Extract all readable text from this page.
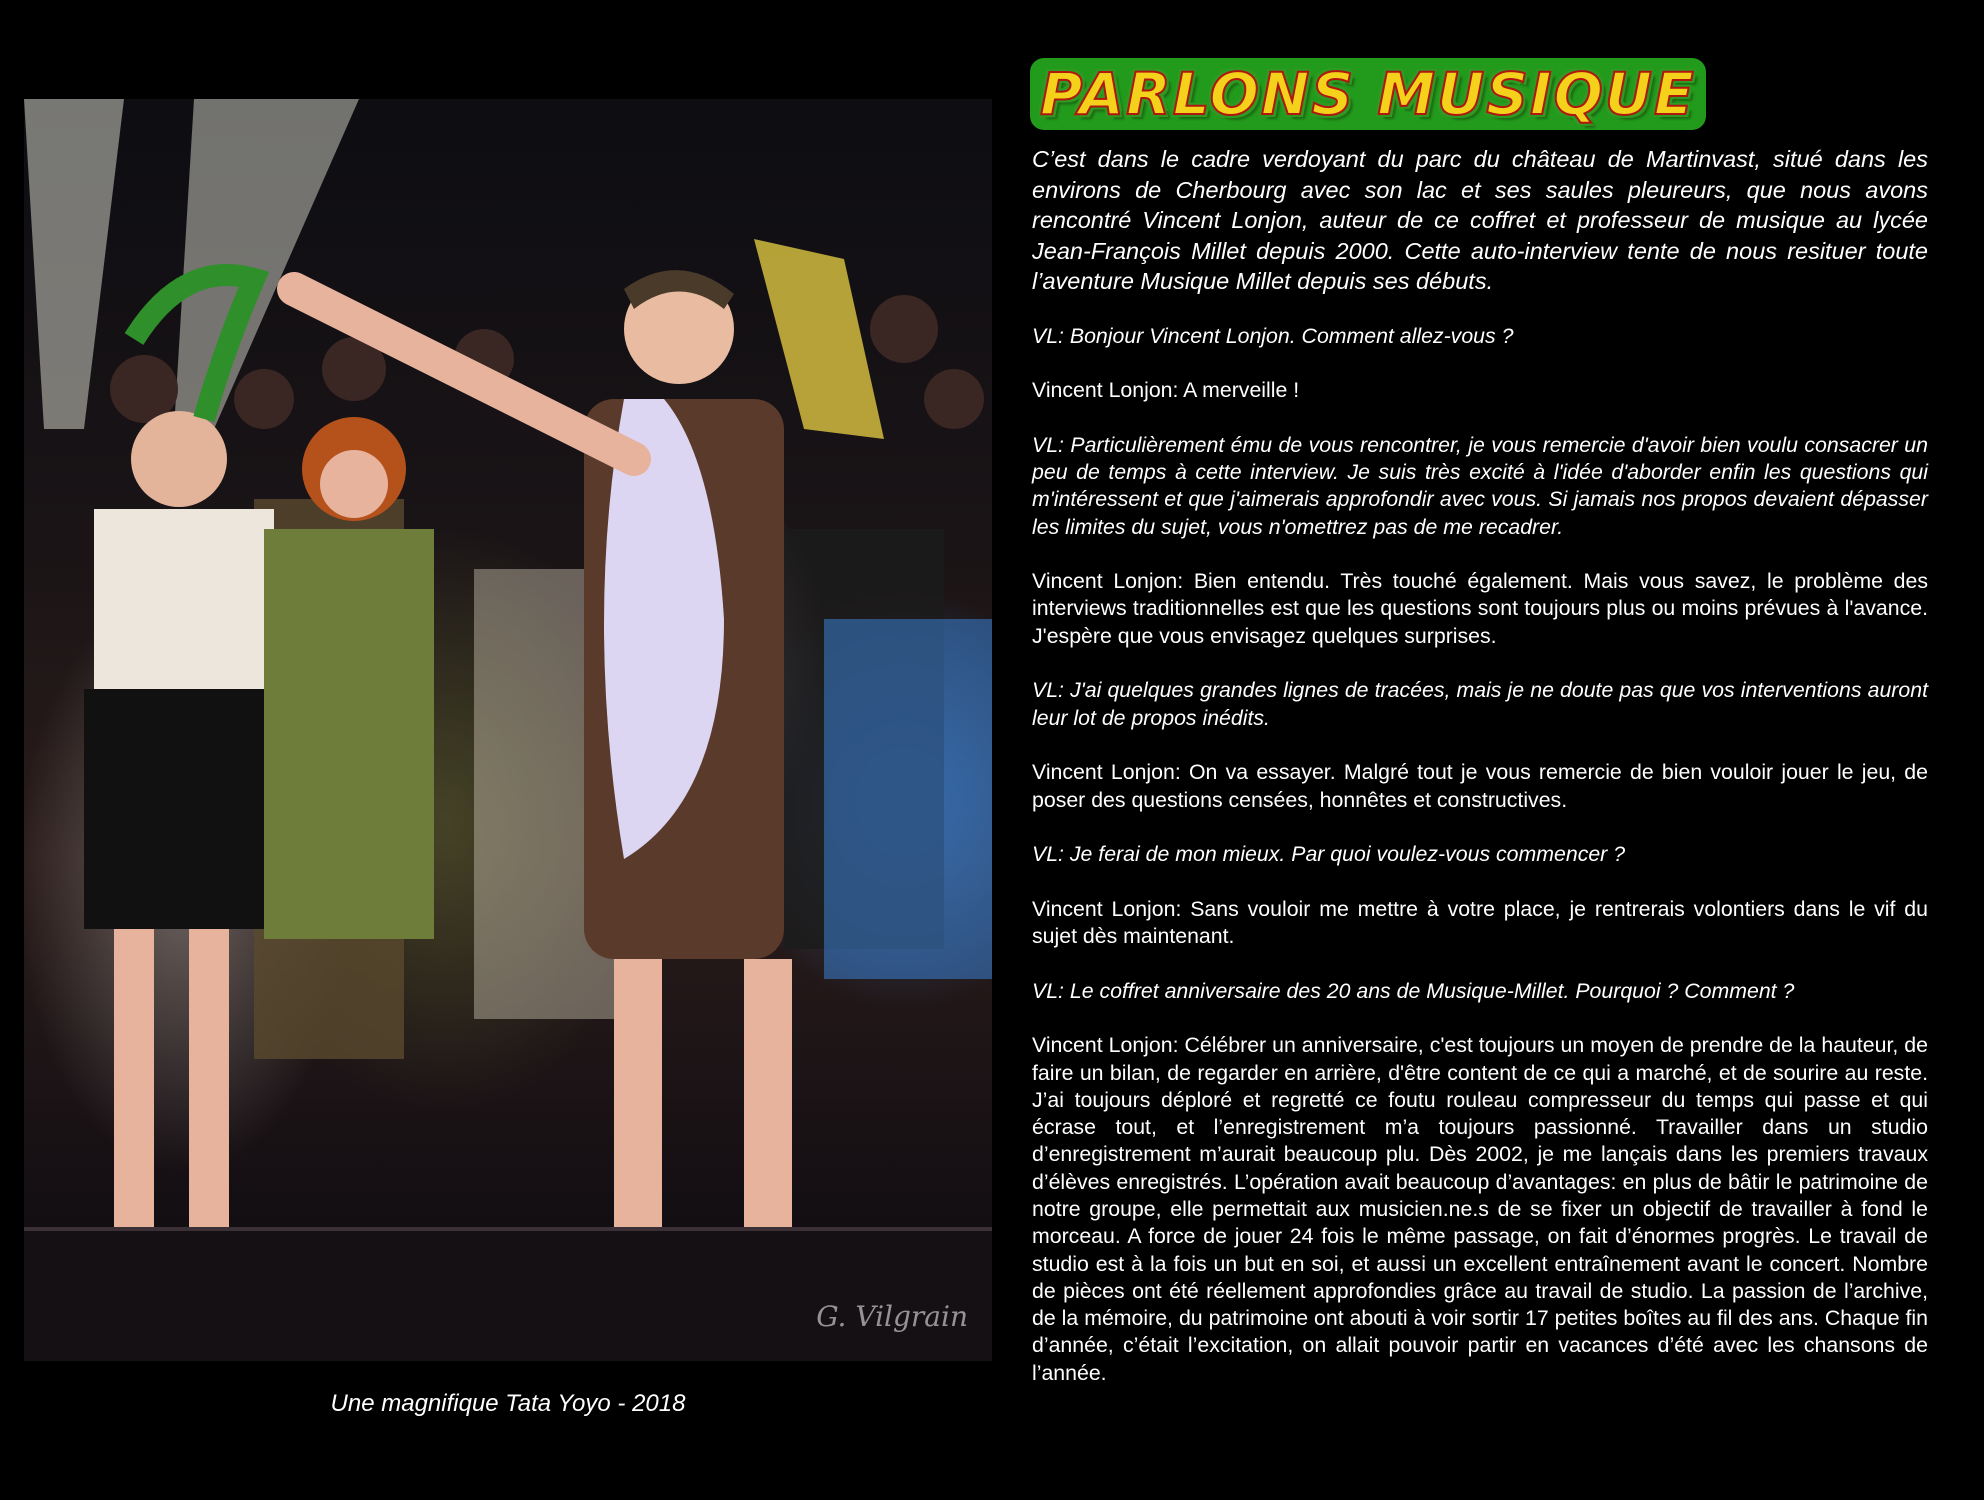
G. Vilgrain
Une magnifique Tata Yoyo - 2018
PARLONS MUSIQUE

C’est dans le cadre verdoyant du parc du château de Martinvast, situé dans les environs de Cherbourg avec son lac et ses saules pleureurs, que nous avons rencontré Vincent Lonjon, auteur de ce coffret et professeur de musique au lycée Jean-François Millet depuis 2000. Cette auto-interview tente de nous resituer toute l’aventure Musique Millet depuis ses débuts.

VL: Bonjour Vincent Lonjon. Comment allez-vous ?

Vincent Lonjon: A merveille !

VL: Particulièrement ému de vous rencontrer, je vous remercie d'avoir bien voulu consacrer un peu de temps à cette interview. Je suis très excité à l'idée d'aborder enfin les questions qui m'intéressent et que j'aimerais approfondir avec vous. Si jamais nos propos devaient dépasser les limites du sujet, vous n'omettrez pas de me recadrer.

Vincent Lonjon: Bien entendu. Très touché également. Mais vous savez, le problème des interviews traditionnelles est que les questions sont toujours plus ou moins prévues à l'avance. J'espère que vous envisagez quelques surprises.

VL: J'ai quelques grandes lignes de tracées, mais je ne doute pas que vos interventions auront leur lot de propos inédits.

Vincent Lonjon: On va essayer. Malgré tout je vous remercie de bien vouloir jouer le jeu, de poser des questions censées, honnêtes et constructives.

VL: Je ferai de mon mieux. Par quoi voulez-vous commencer ?

Vincent Lonjon: Sans vouloir me mettre à votre place, je rentrerais volontiers dans le vif du sujet dès maintenant.

VL: Le coffret anniversaire des 20 ans de Musique-Millet. Pourquoi ? Comment ?

Vincent Lonjon: Célébrer un anniversaire, c'est toujours un moyen de prendre de la hauteur, de faire un bilan, de regarder en arrière, d'être content de ce qui a marché, et de sourire au reste. J’ai toujours déploré et regretté ce foutu rouleau compresseur du temps qui passe et qui écrase tout, et l’enregistrement m’a toujours passionné. Travailler dans un studio d’enregistrement m’aurait beaucoup plu. Dès 2002, je me lançais dans les premiers travaux d’élèves enregistrés. L’opération avait beaucoup d’avantages: en plus de bâtir le patrimoine de notre groupe, elle permettait aux musicien.ne.s de se fixer un objectif de travailler à fond le morceau. A force de jouer 24 fois le même passage, on fait d’énormes progrès. Le travail de studio est à la fois un but en soi, et aussi un excellent entraînement avant le concert. Nombre de pièces ont été réellement approfondies grâce au travail de studio. La passion de l’archive, de la mémoire, du patrimoine ont abouti à voir sortir 17 petites boîtes au fil des ans. Chaque fin d’année, c’était l’excitation, on allait pouvoir partir en vacances d’été avec les chansons de l’année.
